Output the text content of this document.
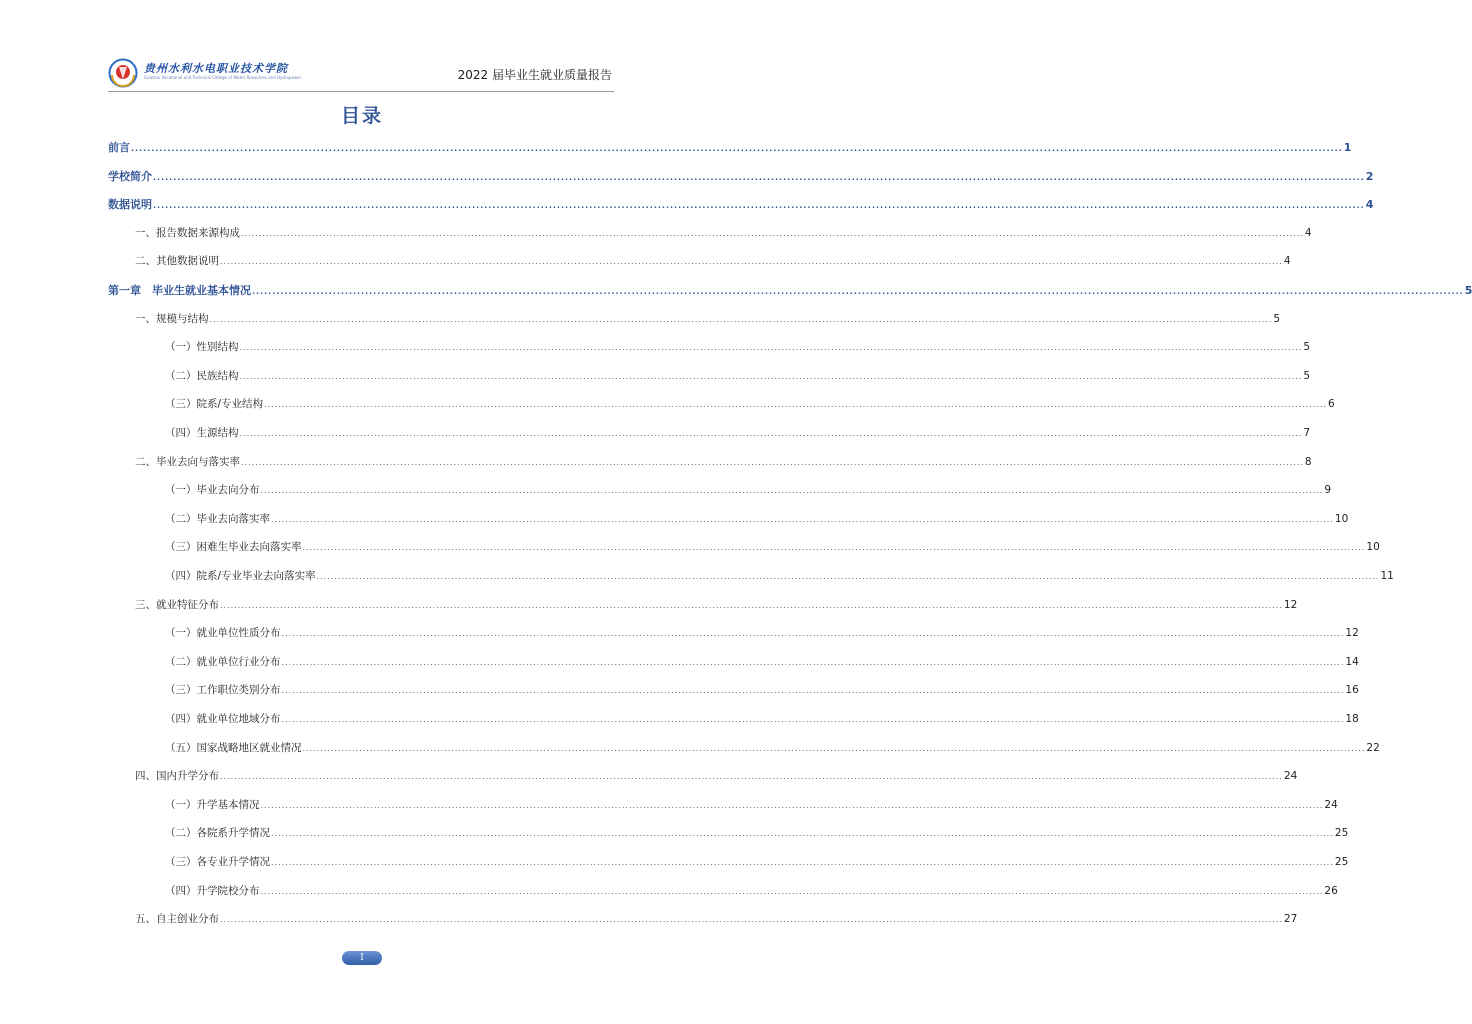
贵州水利水电职业技术学院
Guizhou Vocational and Technical College of Water Resources and Hydropower	2022 届毕业生就业质量报告
目录
前言 ............................................................................................................................................................................................................................................................................................................ 1
学校简介 ............................................................................................................................................................................................................................................................................................................ 2
数据说明 ............................................................................................................................................................................................................................................................................................................ 4
一、报告数据来源构成 ............................................................................................................................................................................................................................................................................................................ 4
二、其他数据说明 ............................................................................................................................................................................................................................................................................................................ 4
第一章　毕业生就业基本情况 ............................................................................................................................................................................................................................................................................................................ 5
一、规模与结构 ............................................................................................................................................................................................................................................................................................................ 5
（一）性别结构 ............................................................................................................................................................................................................................................................................................................ 5
（二）民族结构 ............................................................................................................................................................................................................................................................................................................ 5
（三）院系/专业结构 ............................................................................................................................................................................................................................................................................................................ 6
（四）生源结构 ............................................................................................................................................................................................................................................................................................................ 7
二、毕业去向与落实率 ............................................................................................................................................................................................................................................................................................................ 8
（一）毕业去向分布 ............................................................................................................................................................................................................................................................................................................ 9
（二）毕业去向落实率 ............................................................................................................................................................................................................................................................................................................ 10
（三）困难生毕业去向落实率 ............................................................................................................................................................................................................................................................................................................ 10
（四）院系/专业毕业去向落实率 ............................................................................................................................................................................................................................................................................................................ 11
三、就业特征分布 ............................................................................................................................................................................................................................................................................................................ 12
（一）就业单位性质分布 ............................................................................................................................................................................................................................................................................................................ 12
（二）就业单位行业分布 ............................................................................................................................................................................................................................................................................................................ 14
（三）工作职位类别分布 ............................................................................................................................................................................................................................................................................................................ 16
（四）就业单位地域分布 ............................................................................................................................................................................................................................................................................................................ 18
（五）国家战略地区就业情况 ............................................................................................................................................................................................................................................................................................................ 22
四、国内升学分布 ............................................................................................................................................................................................................................................................................................................ 24
（一）升学基本情况 ............................................................................................................................................................................................................................................................................................................ 24
（二）各院系升学情况 ............................................................................................................................................................................................................................................................................................................ 25
（三）各专业升学情况 ............................................................................................................................................................................................................................................................................................................ 25
（四）升学院校分布 ............................................................................................................................................................................................................................................................................................................ 26
五、自主创业分布 ............................................................................................................................................................................................................................................................................................................ 27
I
